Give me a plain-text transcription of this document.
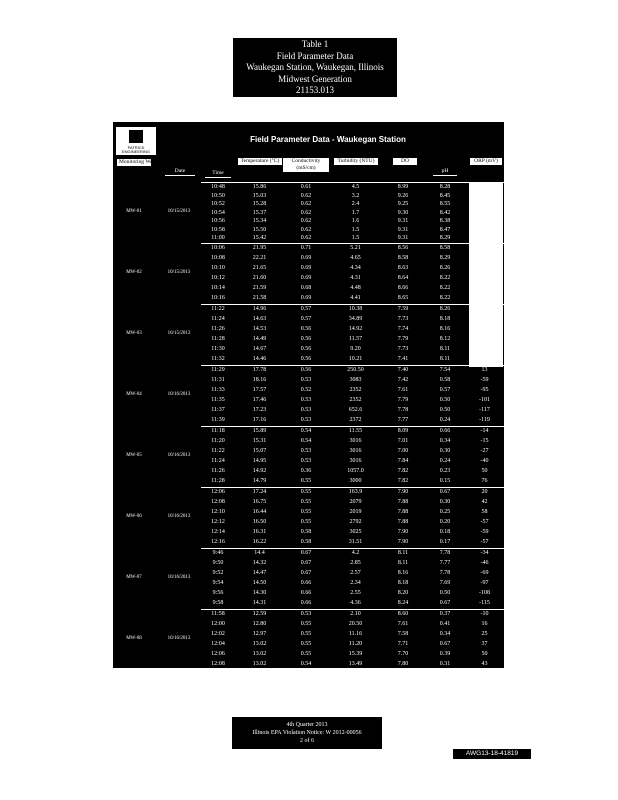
Table 1
Field Parameter Data
Waukegan Station, Waukegan, Illinois
Midwest Generation
21153.013
PATRICK ENGINEERING
Field Parameter Data - Waukegan Station
Monitoring Well
Date	Time
Temperature (°C)	Conductivity (mS/cm)
Turbidity (NTU)	DO
pH
ORP (mV)
MW-01	10/15/2013
10:48	15.86	0.61	4.5	8.99	8.28
10:50	15.03	0.62	3.2	9.26	8.45
10:52	15.28	0.62	2.4	9.25	8.55
10:54	15.37	0.62	1.7	9.30	8.42
10:56	15.34	0.62	1.6	9.31	8.38
10:58	15.50	0.62	1.5	9.31	8.47
11:00	15.42	0.62	1.5	9.31	8.29
MW-02	10/15/2013
10:06	21.95	0.71	5.21	8.56	8.58
10:08	22.21	0.69	4.65	8.58	8.29
10:10	21.65	0.69	4.34	8.63	8.26
10:12	21.60	0.69	4.31	8.64	8.22
10:14	21.59	0.68	4.48	8.66	8.22
10:16	21.58	0.69	4.41	8.65	8.22
MW-03	10/15/2013
11:22	14.96	0.57	10.38	7.59	8.26
11:24	14.63	0.57	34.89	7.73	8.18
11:26	14.53	0.56	14.92	7.74	8.16
11:28	14.49	0.56	11.57	7.79	8.12
11:30	14.67	0.56	9.20	7.73	8.11
11:32	14.46	0.56	10.21	7.41	8.11
MW-04	10/16/2013
11:29	17.78	0.56	250.50	7.40	7.54	13
11:31	18.16	0.53	3083	7.42	0.58	-59
11:33	17.57	0.52	2352	7.61	0.57	-95
11:35	17.46	0.53	2352	7.79	0.50	-101
11:37	17.23	0.53	652.6	7.78	0.50	-117
11:39	17.16	0.53	2372	7.77	0.24	-119
MW-05	10/16/2013
11:18	15.89	0.54	11.55	8.09	0.66	-14
11:20	15.31	0.54	3016	7.01	0.34	-15
11:22	15.07	0.53	3016	7.00	0.30	-27
11:24	14.95	0.53	3016	7.84	0.24	-40
11:26	14.92	0.36	1057.0	7.82	0.23	50
11:28	14.79	0.55	3000	7.82	0.15	76
MW-06	10/16/2013
12:06	17.24	0.55	163.9	7.90	0.67	20
12:08	16.75	0.55	2079	7.88	0.30	42
12:10	16.44	0.55	2019	7.88	0.25	58
12:12	16.50	0.55	2792	7.88	0.20	-57
12:14	16.31	0.58	3025	7.90	0.18	-59
12:16	16.22	0.58	31.51	7.90	0.17	-57
MW-07	10/16/2013
9:46	14.4	0.67	4.2	8.11	7.78	-34
9:50	14.32	0.67	2.85	8.11	7.77	-46
9:52	14.47	0.67	2.57	8.16	7.78	-69
9:54	14.50	0.66	2.34	8.18	7.69	-97
9:56	14.30	0.66	2.55	8.20	0.50	-108
9:58	14.31	0.66	4.36	8.24	0.67	-115
MW-08	10/16/2013
11:58	12.59	0.53	2.10	8.60	0.37	-10
12:00	12.80	0.55	20.50	7.61	0.41	16
12:02	12.97	0.55	11.16	7.58	0.34	25
12:04	13.02	0.55	11.20	7.71	0.67	37
12:06	13.02	0.55	15.39	7.70	0.39	50
12:08	13.02	0.54	13.49	7.80	0.31	43
4th Quarter 2013
Illinois EPA Violation Notice: W 2012-00056
2 of 6
AWG13-18-41819
